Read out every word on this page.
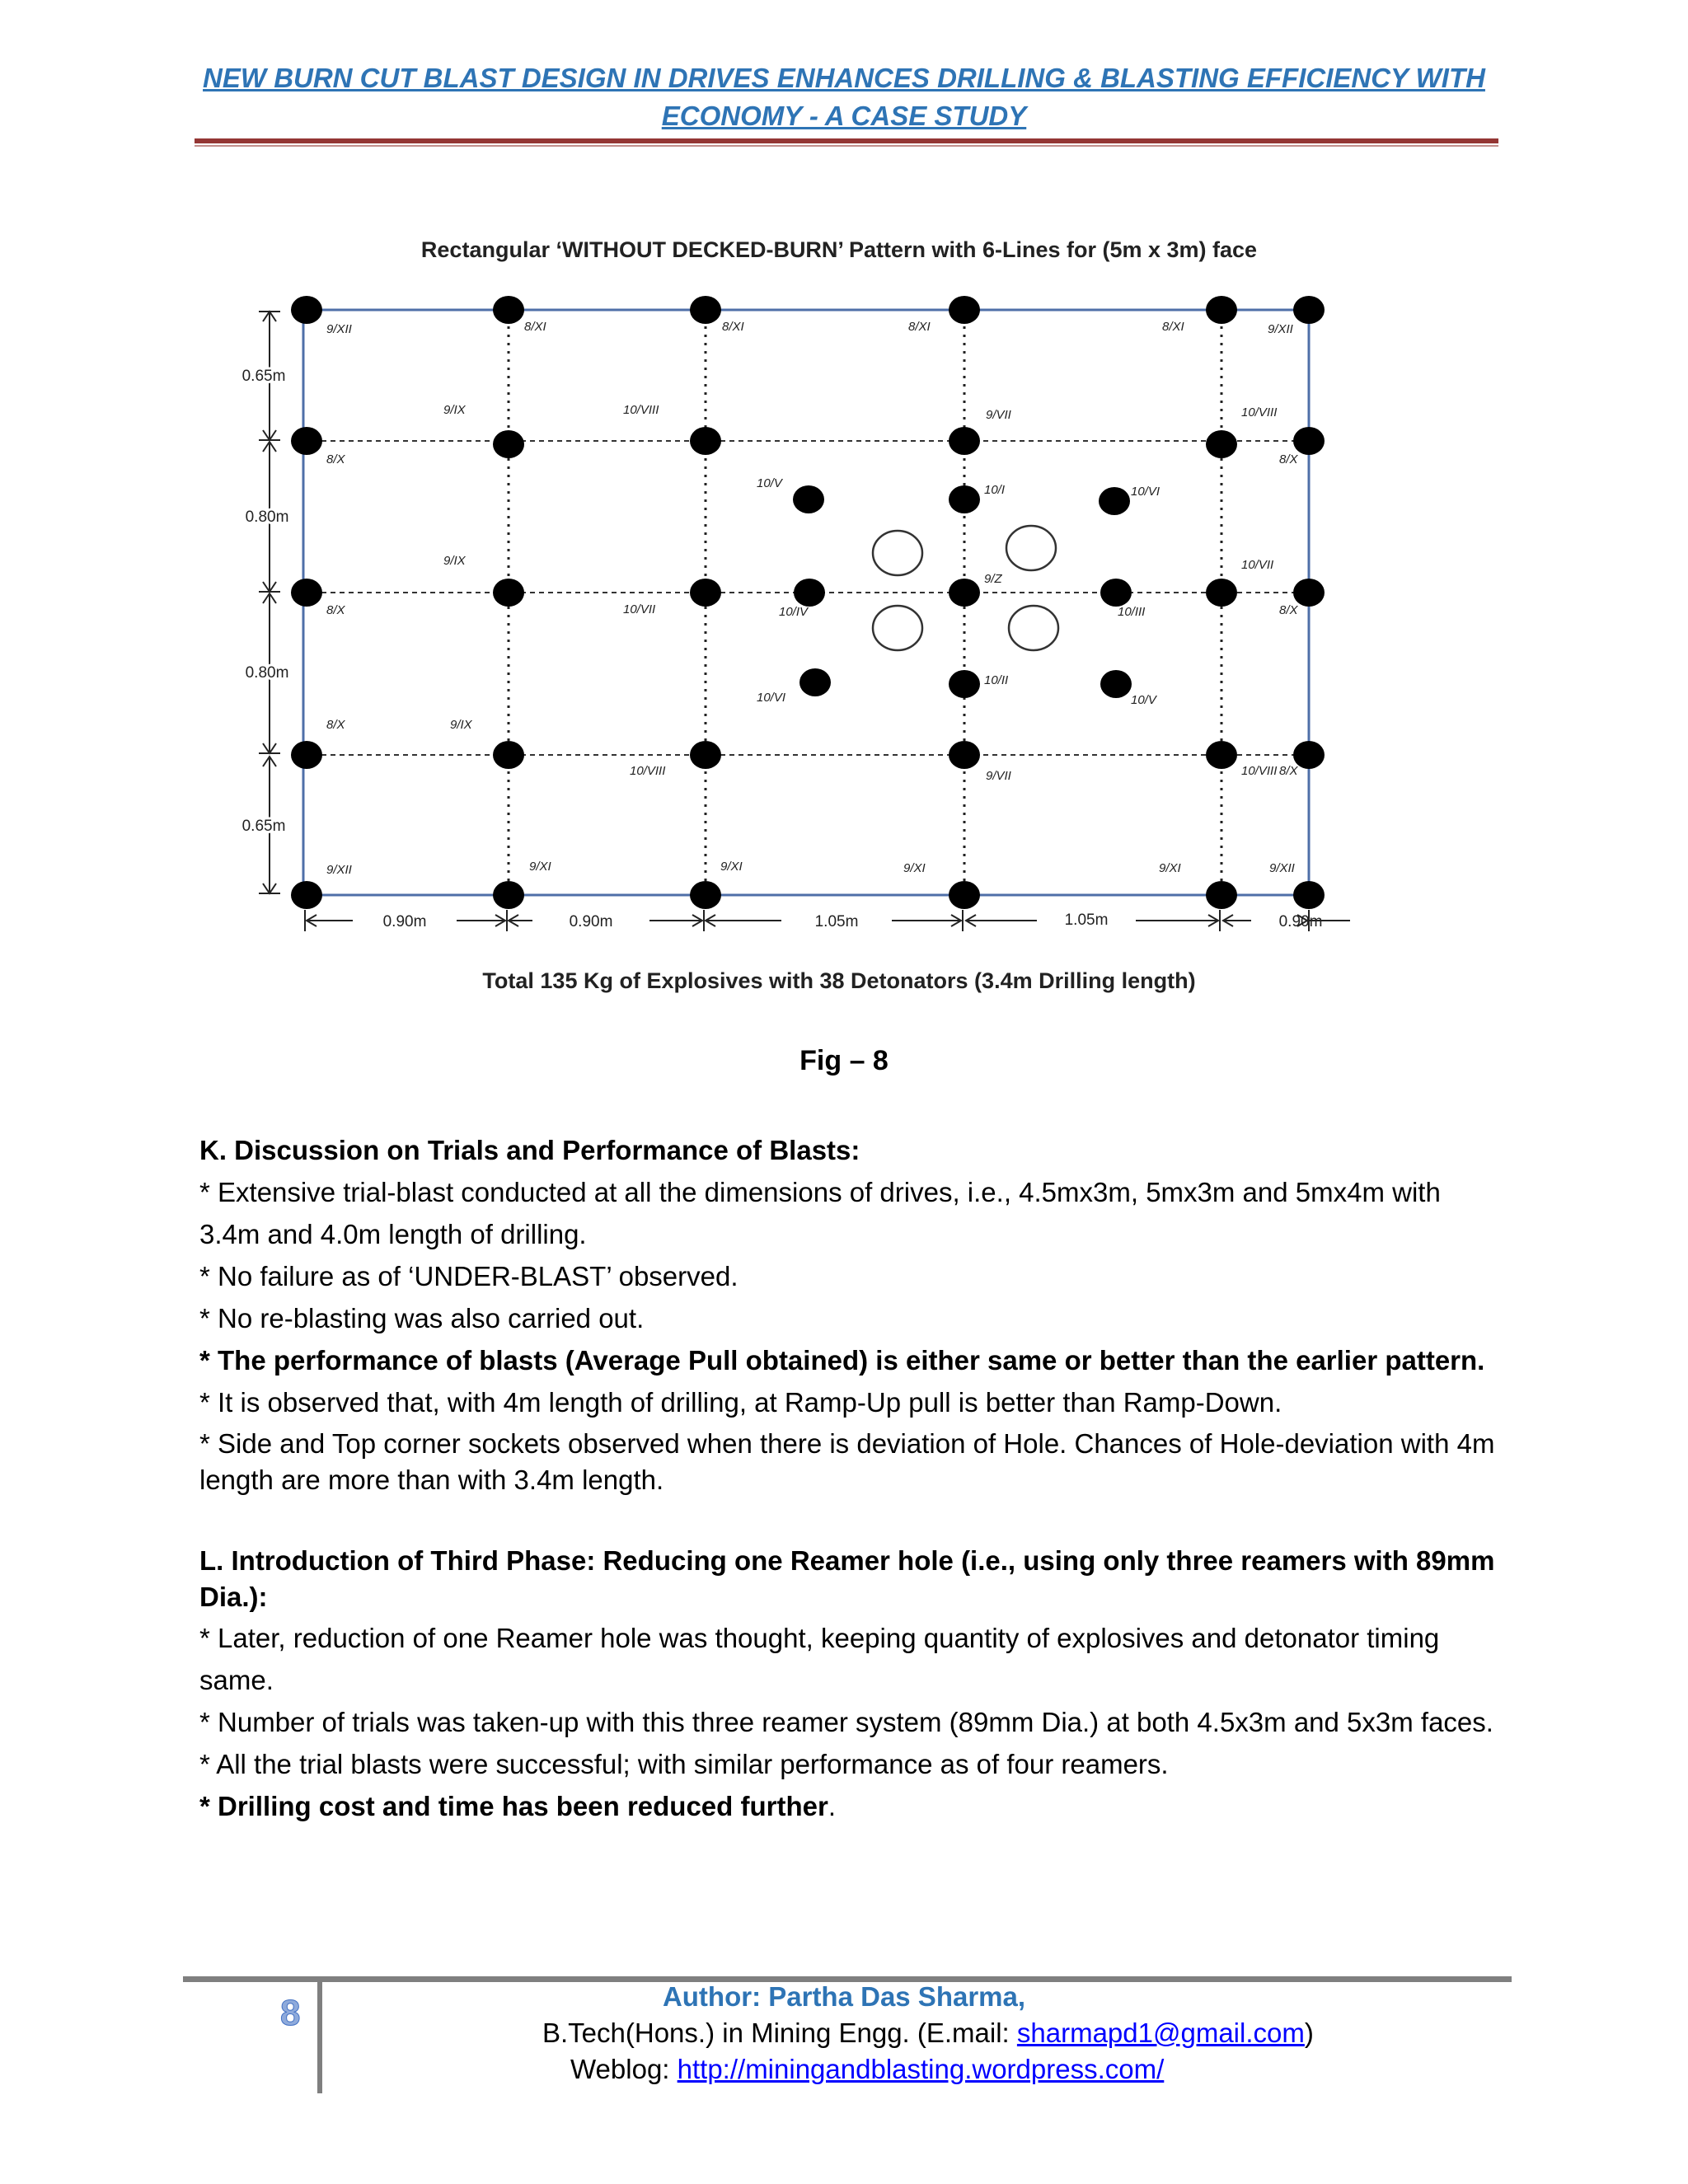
NEW BURN CUT BLAST DESIGN IN DRIVES ENHANCES DRILLING & BLASTING EFFICIENCY WITH
ECONOMY - A CASE STUDY
Rectangular ‘WITHOUT DECKED-BURN’ Pattern with 6-Lines for (5m x 3m) face
9/XII	8/XI	8/XI	8/XI	8/XI	9/XII
9/IX	10/VIII	9/VII	10/VIII
8/X	8/X
10/V	10/I	10/VI
9/IX
10/VII
9/Z
10/VII
8/X	10/IV	10/III	8/X
10/VI
10/II
10/V
8/X	9/IX
10/VIII	9/VII	10/VIII 8/X
9/XII	9/XI	9/XI	9/XI	9/XI	9/XII
0.65m
0.80m
0.80m
0.65m
0.90m	0.90m	1.05m	1.05m	0.90m
Total 135 Kg of Explosives with 38 Detonators (3.4m Drilling length)
Fig – 8

K. Discussion on Trials and Performance of Blasts:

* Extensive trial-blast conducted at all the dimensions of drives, i.e., 4.5mx3m, 5mx3m and 5mx4m with 3.4m and 4.0m length of drilling.

* No failure as of ‘UNDER-BLAST’ observed.

* No re-blasting was also carried out.

* The performance of blasts (Average Pull obtained) is either same or better than the earlier pattern.

* It is observed that, with 4m length of drilling, at Ramp-Up pull is better than Ramp-Down.

* Side and Top corner sockets observed when there is deviation of Hole. Chances of Hole-deviation with 4m length are more than with 3.4m length.

L. Introduction of Third Phase: Reducing one Reamer hole (i.e., using only three reamers with 89mm Dia.):

* Later, reduction of one Reamer hole was thought, keeping quantity of explosives and detonator timing same.

* Number of trials was taken-up with this three reamer system (89mm Dia.) at both 4.5x3m and 5x3m faces.

* All the trial blasts were successful; with similar performance as of four reamers.

* Drilling cost and time has been reduced further.

8	Author: Partha Das Sharma,
B.Tech(Hons.) in Mining Engg. (E.mail: sharmapd1@gmail.com)
Weblog: http://miningandblasting.wordpress.com/
